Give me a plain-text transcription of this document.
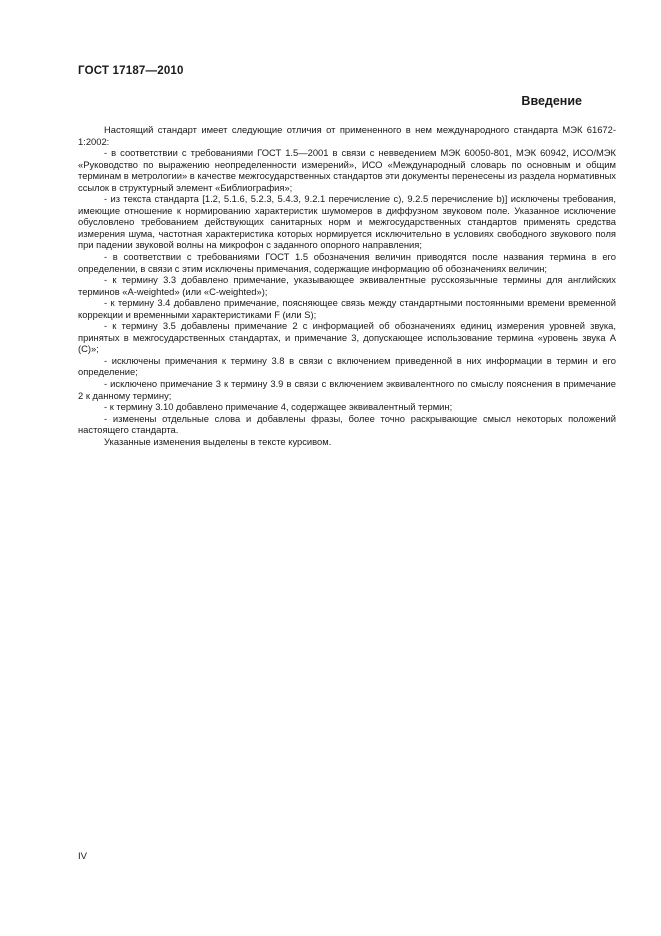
ГОСТ 17187—2010
Введение

Настоящий стандарт имеет следующие отличия от примененного в нем международного стандарта МЭК 61672-1:2002:

- в соответствии с требованиями ГОСТ 1.5—2001 в связи с невведением МЭК 60050-801, МЭК 60942, ИСО/МЭК «Руководство по выражению неопределенности измерений», ИСО «Международный словарь по основным и общим терминам в метрологии» в качестве межгосударственных стандартов эти документы перенесены из раздела нормативных ссылок в структурный элемент «Библиография»;

- из текста стандарта [1.2, 5.1.6, 5.2.3, 5.4.3, 9.2.1 перечисление с), 9.2.5 перечисление b)] исключены требования, имеющие отношение к нормированию характеристик шумомеров в диффузном звуковом поле. Указанное исключение обусловлено требованием действующих санитарных норм и межгосударственных стандартов применять средства измерения шума, частотная характеристика которых нормируется исключительно в условиях свободного звукового поля при падении звуковой волны на микрофон с заданного опорного направления;

- в соответствии с требованиями ГОСТ 1.5 обозначения величин приводятся после названия термина в его определении, в связи с этим исключены примечания, содержащие информацию об обозначениях величин;

- к термину 3.3 добавлено примечание, указывающее эквивалентные русскоязычные термины для английских терминов «A-weighted» (или «C-weighted»);

- к термину 3.4 добавлено примечание, поясняющее связь между стандартными постоянными времени временной коррекции и временными характеристиками F (или S);

- к термину 3.5 добавлены примечание 2 с информацией об обозначениях единиц измерения уровней звука, принятых в межгосударственных стандартах, и примечание 3, допускающее использование термина «уровень звука A (C)»;

- исключены примечания к термину 3.8 в связи с включением приведенной в них информации в термин и его определение;

- исключено примечание 3 к термину 3.9 в связи с включением эквивалентного по смыслу пояснения в примечание 2 к данному термину;

- к термину 3.10 добавлено примечание 4, содержащее эквивалентный термин;

- изменены отдельные слова и добавлены фразы, более точно раскрывающие смысл некоторых положений настоящего стандарта.

Указанные изменения выделены в тексте курсивом.

IV
